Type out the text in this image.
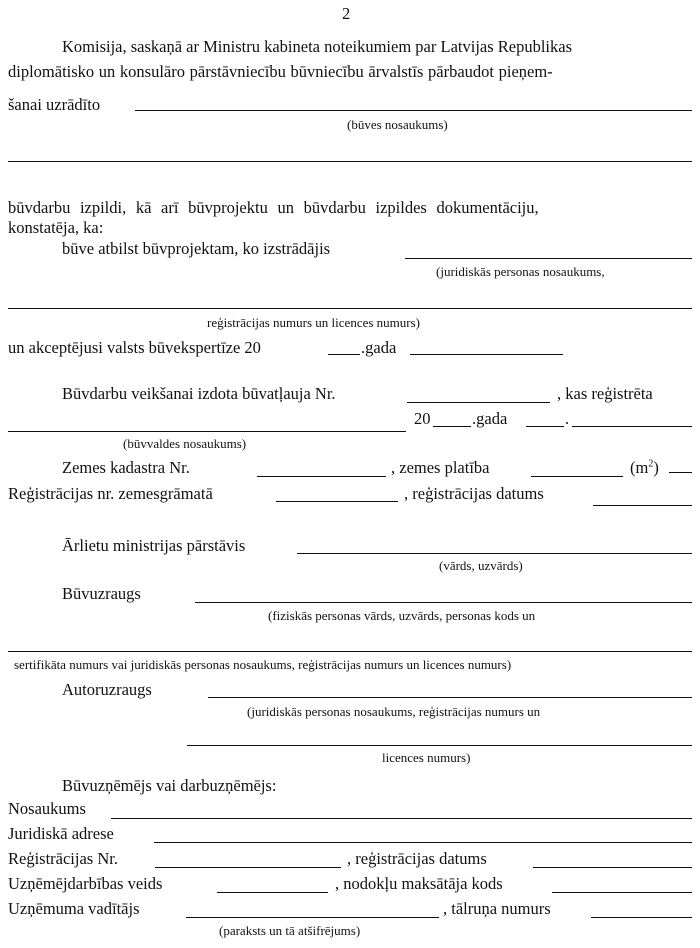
2
Komisija, saskaņā ar Ministru kabineta noteikumiem par Latvijas Republikas
diplomātisko un konsulāro pārstāvniecību būvniecību ārvalstīs pārbaudot pieņem-
šanai uzrādīto
(būves nosaukums)
būvdarbu izpildi, kā arī būvprojektu un būvdarbu izpildes dokumentāciju,
konstatēja, ka:
būve atbilst būvprojektam, ko izstrādājis
(juridiskās personas nosaukums,
reģistrācijas numurs un licences numurs)
un akceptējusi valsts būvekspertīze 20	.gada
Būvdarbu veikšanai izdota būvatļauja Nr.	, kas reģistrēta
20	.gada	.
(būvvaldes nosaukums)
Zemes kadastra Nr.	, zemes platība	$(m^2)$
Reģistrācijas nr. zemesgrāmatā	, reģistrācijas datums
Ārlietu ministrijas pārstāvis
(vārds, uzvārds)
Būvuzraugs
(fiziskās personas vārds, uzvārds, personas kods un
sertifikāta numurs vai juridiskās personas nosaukums, reģistrācijas numurs un licences numurs)
Autoruzraugs
(juridiskās personas nosaukums, reģistrācijas numurs un
licences numurs)
Būvuzņēmējs vai darbuzņēmējs:
Nosaukums
Juridiskā adrese
Reģistrācijas Nr.	, reģistrācijas datums
Uzņēmējdarbības veids	, nodokļu maksātāja kods
Uzņēmuma vadītājs	, tālruņa numurs
(paraksts un tā atšifrējums)
